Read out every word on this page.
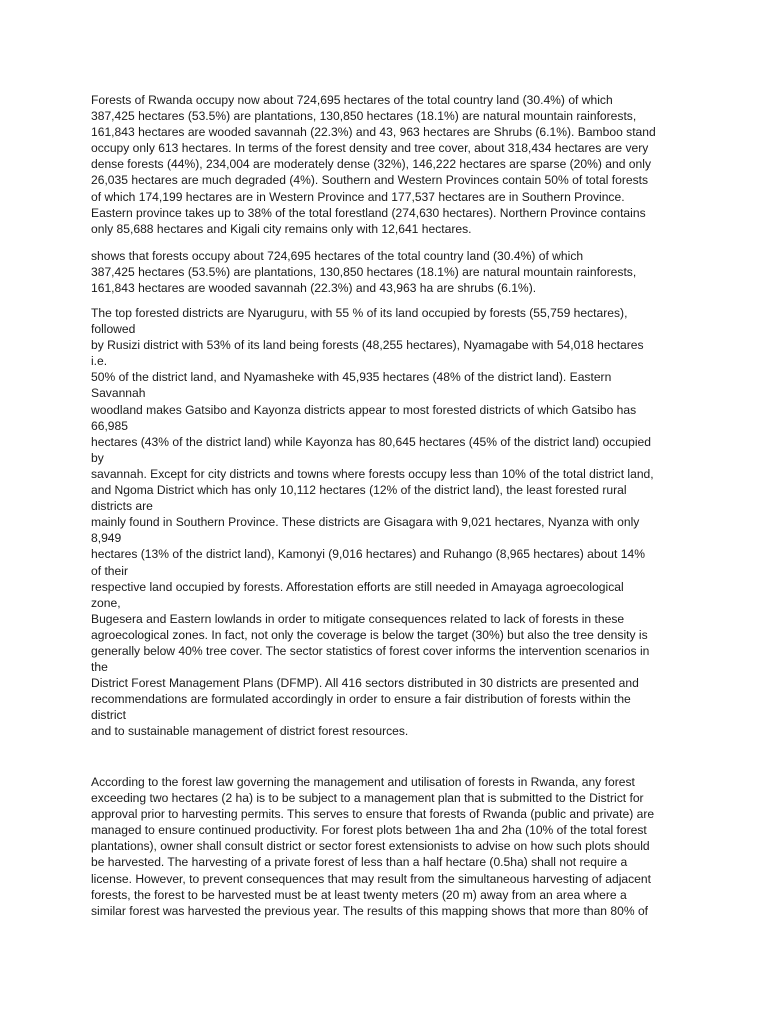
Forests of Rwanda occupy now about 724,695 hectares of the total country land (30.4%) of which
387,425 hectares (53.5%) are plantations, 130,850 hectares (18.1%) are natural mountain rainforests,
161,843 hectares are wooded savannah (22.3%) and 43, 963 hectares are Shrubs (6.1%). Bamboo stand
occupy only 613 hectares. In terms of the forest density and tree cover, about 318,434 hectares are very
dense forests (44%), 234,004 are moderately dense (32%), 146,222 hectares are sparse (20%) and only
26,035 hectares are much degraded (4%). Southern and Western Provinces contain 50% of total forests
of which 174,199 hectares are in Western Province and 177,537 hectares are in Southern Province.
Eastern province takes up to 38% of the total forestland (274,630 hectares). Northern Province contains
only 85,688 hectares and Kigali city remains only with 12,641 hectares.
shows that forests occupy about 724,695 hectares of the total country land (30.4%) of which
387,425 hectares (53.5%) are plantations, 130,850 hectares (18.1%) are natural mountain rainforests,
161,843 hectares are wooded savannah (22.3%) and 43,963 ha are shrubs (6.1%).
The top forested districts are Nyaruguru, with 55 % of its land occupied by forests (55,759 hectares),
followed
by Rusizi district with 53% of its land being forests (48,255 hectares), Nyamagabe with 54,018 hectares
i.e.
50% of the district land, and Nyamasheke with 45,935 hectares (48% of the district land). Eastern
Savannah
woodland makes Gatsibo and Kayonza districts appear to most forested districts of which Gatsibo has
66,985
hectares (43% of the district land) while Kayonza has 80,645 hectares (45% of the district land) occupied
by
savannah. Except for city districts and towns where forests occupy less than 10% of the total district land,
and Ngoma District which has only 10,112 hectares (12% of the district land), the least forested rural
districts are
mainly found in Southern Province. These districts are Gisagara with 9,021 hectares, Nyanza with only
8,949
hectares (13% of the district land), Kamonyi (9,016 hectares) and Ruhango (8,965 hectares) about 14%
of their
respective land occupied by forests. Afforestation efforts are still needed in Amayaga agroecological
zone,
Bugesera and Eastern lowlands in order to mitigate consequences related to lack of forests in these
agroecological zones. In fact, not only the coverage is below the target (30%) but also the tree density is
generally below 40% tree cover. The sector statistics of forest cover informs the intervention scenarios in
the
District Forest Management Plans (DFMP). All 416 sectors distributed in 30 districts are presented and
recommendations are formulated accordingly in order to ensure a fair distribution of forests within the
district
and to sustainable management of district forest resources.
According to the forest law governing the management and utilisation of forests in Rwanda, any forest
exceeding two hectares (2 ha) is to be subject to a management plan that is submitted to the District for
approval prior to harvesting permits. This serves to ensure that forests of Rwanda (public and private) are
managed to ensure continued productivity. For forest plots between 1ha and 2ha (10% of the total forest
plantations), owner shall consult district or sector forest extensionists to advise on how such plots should
be harvested. The harvesting of a private forest of less than a half hectare (0.5ha) shall not require a
license. However, to prevent consequences that may result from the simultaneous harvesting of adjacent
forests, the forest to be harvested must be at least twenty meters (20 m) away from an area where a
similar forest was harvested the previous year. The results of this mapping shows that more than 80% of
